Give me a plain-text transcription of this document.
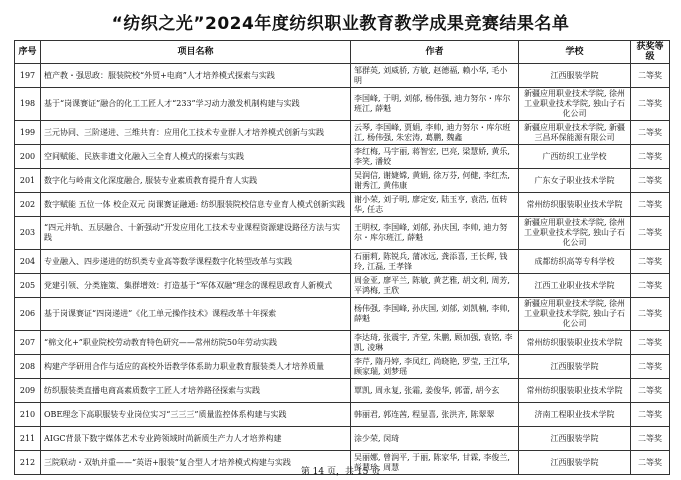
“纺织之光”2024年度纺织职业教育教学成果竞赛结果名单
序号	项目名称	作者	学校	获奖等级
197	植产教・强思政：服装院校“外贸+电商”人才培养模式探索与实践	邹群英, 刘威骄, 方敏, 赵德福, 赖小华, 毛小明	江西服装学院	二等奖
198	基于“岗课赛证”融合的化工工匠人才“233”学习动力激发机制构建与实践	李国峰, 于明, 刘郁, 杨伟强, 迪力努尔・库尔班江, 薛魁	新疆应用职业技术学院, 徐州工业职业技术学院, 独山子石化公司	二等奖
199	三元协同、三阶递进、三维共育：应用化工技术专业群人才培养模式创新与实践	云琴, 李国峰, 贾娟, 李帅, 迪力努尔・库尔班江, 杨伟强, 朱宏涛, 葛鹏, 魏鑫	新疆应用职业技术学院, 新疆三昌环保能源有限公司	二等奖
200	空间赋能、民族非遗文化融入三全育人模式的探索与实践	李红梅, 马宇丽, 蒋智宏, 巴亮, 梁慧娇, 黄乐, 李笑, 潘姣	广西纺织工业学校	二等奖
201	数字化与岭南文化深度融合, 服装专业素质教育提升育人实践	吴润信, 谢婕嫦, 黄娟, 徐万芬, 何健, 李红杰, 谢秀江, 黄伟康	广东女子职业技术学院	二等奖
202	数字赋能 五位一体 校企双元 岗课赛证融通: 纺织服装院校信息专业育人模式创新实践	谢小荣, 刘子明, 廖定安, 陆玉亨, 袁浩, 伍转华, 任志	常州纺织服装职业技术学院	二等奖
203	“四元并轨、五层融合、十新强动”开发应用化工技术专业课程资源建设路径方法与实践	王明权, 李国峰, 刘郁, 孙庆国, 李帅, 迪力努尔・库尔班江, 薛魁	新疆应用职业技术学院, 徐州工业职业技术学院, 独山子石化公司	二等奖
204	专业融入、四步递进的纺织类专业高等数学课程数字化转型改革与实践	石丽莉, 陈锐兵, 蒲冰远, 龚添喜, 王长辉, 钱玲, 江磊, 王孝锋	成都纺织高等专科学校	二等奖
205	党建引领、分类施策、集群增效：打造基于“军体双融”理念的课程思政育人新模式	周金亚, 廖平兰, 陈敏, 黄艺雅, 胡文利, 周芳, 平鸿梅, 王欣	江西工业职业技术学院	二等奖
206	基于岗课赛证“四岗递进”《化工单元操作技术》课程改革十年探索	杨伟强, 李国峰, 孙庆国, 刘郁, 刘凯楠, 李帅, 薛魁	新疆应用职业技术学院, 徐州工业职业技术学院, 独山子石化公司	二等奖
207	“棉文化+”职业院校劳动教育特色研究——常州纺院50年劳动实践	李达琦, 张震宇, 齐堂, 朱鹏, 顾加强, 袁铭, 李凯, 凌琳	常州纺织服装职业技术学院	二等奖
208	构建产学研用合作与适应的高校外语教学体系助力职业教育服装类人才培养质量	李芹, 隋丹婷, 李凤红, 尚晓艳, 罗莹, 王江华, 顾家瑞, 刘梦瑶	江西服装学院	二等奖
209	纺织服装类直播电商高素质数字工匠人才培养路径探索与实践	覃凯, 周永复, 张霜, 姜俊华, 郭蕾, 胡今玄	常州纺织服装职业技术学院	二等奖
210	OBE理念下高职服装专业岗位实习“三三三”质量监控体系构建与实践	韩丽君, 郭连茜, 程显喜, 张洪齐, 陈翠翠	济南工程职业技术学院	二等奖
211	AIGC背景下数字媒体艺术专业跨领域时尚新质生产力人才培养构建	涂少荣, 闵琦	江西服装学院	二等奖
212	三院联动・双轨并重——“英语+服装”复合型人才培养模式构建与实践	吴丽娜, 曾润平, 于丽, 陈家华, 甘霖, 李俊兰, 彭慧珍, 周慧	江西服装学院	二等奖
第 14 页，共 15 页
